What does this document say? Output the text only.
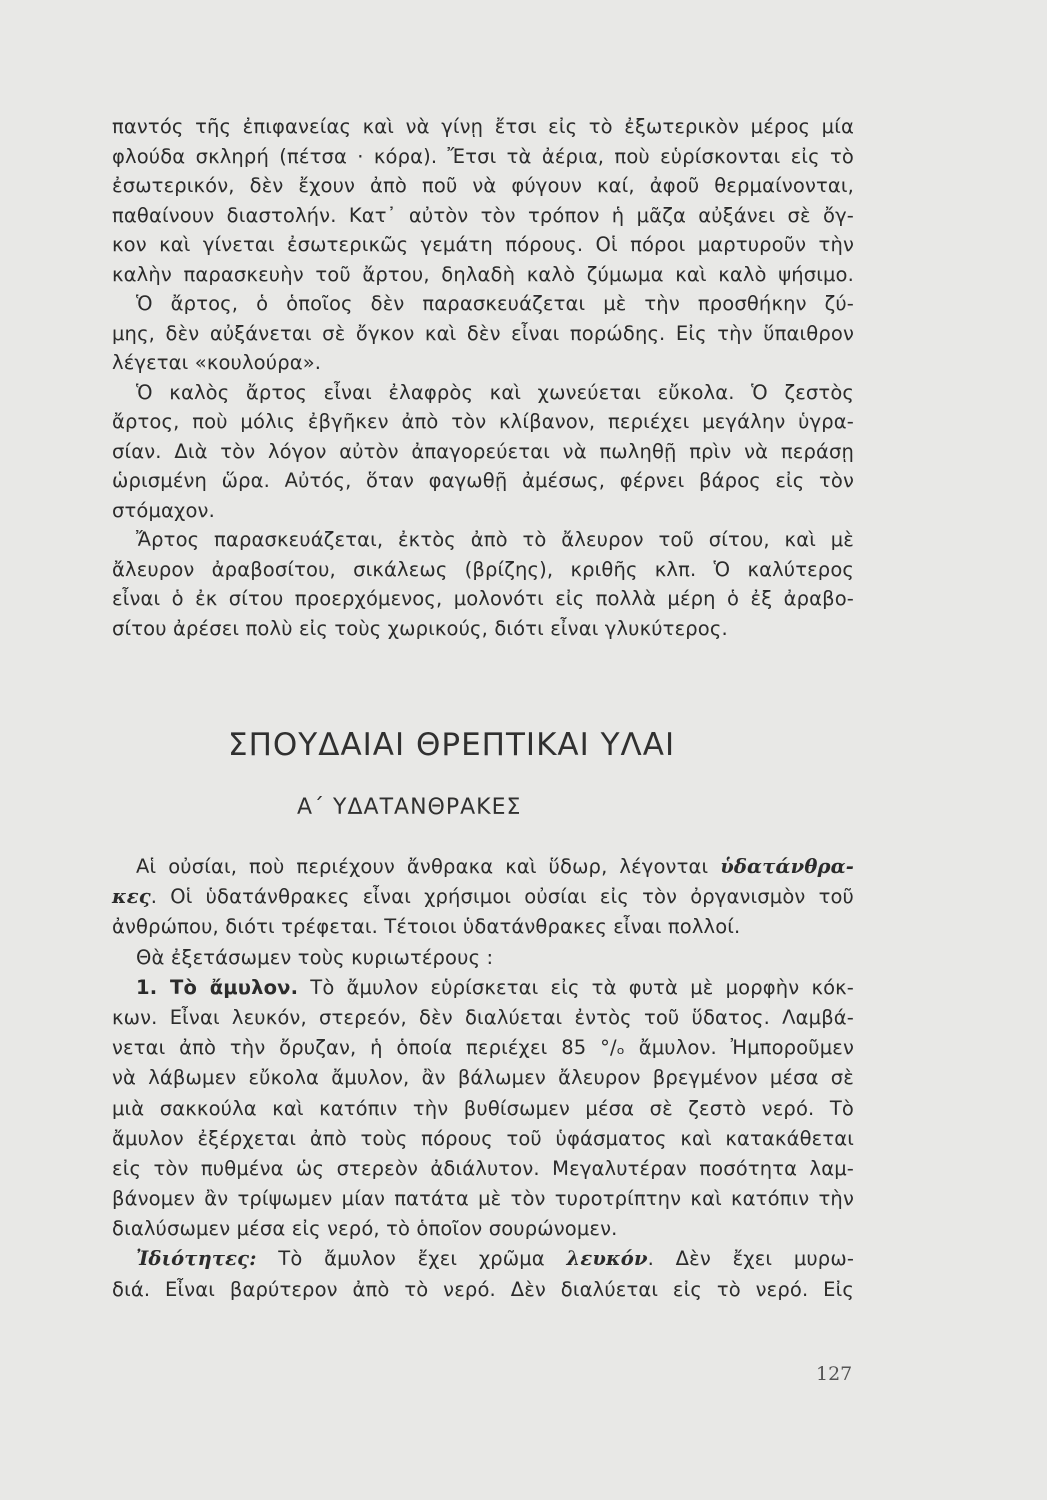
παντός τῆς ἐπιφανείας καὶ νὰ γίνῃ ἔτσι εἰς τὸ ἐξωτερικὸν μέρος μία
φλούδα σκληρή (πέτσα · κόρα). Ἔτσι τὰ ἀέρια, ποὺ εὑρίσκονται εἰς τὸ
ἐσωτερικόν, δὲν ἔχουν ἀπὸ ποῦ νὰ φύγουν καί, ἀφοῦ θερμαίνονται,
παθαίνουν διαστολήν. Κατ᾽ αὐτὸν τὸν τρόπον ἡ μᾶζα αὐξάνει σὲ ὄγ-
κον καὶ γίνεται ἐσωτερικῶς γεμάτη πόρους. Οἱ πόροι μαρτυροῦν τὴν
καλὴν παρασκευὴν τοῦ ἄρτου, δηλαδὴ καλὸ ζύμωμα καὶ καλὸ ψήσιμο.
Ὁ ἄρτος, ὁ ὁποῖος δὲν παρασκευάζεται μὲ τὴν προσθήκην ζύ-
μης, δὲν αὐξάνεται σὲ ὄγκον καὶ δὲν εἶναι πορώδης. Εἰς τὴν ὕπαιθρον
λέγεται «κουλούρα».
Ὁ καλὸς ἄρτος εἶναι ἐλαφρὸς καὶ χωνεύεται εὔκολα. Ὁ ζεστὸς
ἄρτος, ποὺ μόλις ἐβγῆκεν ἀπὸ τὸν κλίβανον, περιέχει μεγάλην ὑγρα-
σίαν. Διὰ τὸν λόγον αὐτὸν ἀπαγορεύεται νὰ πωληθῇ πρὶν νὰ περάσῃ
ὡρισμένη ὥρα. Αὐτός, ὅταν φαγωθῇ ἀμέσως, φέρνει βάρος εἰς τὸν
στόμαχον.
Ἄρτος παρασκευάζεται, ἐκτὸς ἀπὸ τὸ ἄλευρον τοῦ σίτου, καὶ μὲ
ἄλευρον ἀραβοσίτου, σικάλεως (βρίζης), κριθῆς κλπ. Ὁ καλύτερος
εἶναι ὁ ἐκ σίτου προερχόμενος, μολονότι εἰς πολλὰ μέρη ὁ ἐξ ἀραβο-
σίτου ἀρέσει πολὺ εἰς τοὺς χωρικούς, διότι εἶναι γλυκύτερος.
ΣΠΟΥΔΑΙΑΙ ΘΡΕΠΤΙΚΑΙ ΥΛΑΙ
Α΄ ΥΔΑΤΑΝΘΡΑΚΕΣ
Αἱ οὐσίαι, ποὺ περιέχουν ἄνθρακα καὶ ὕδωρ, λέγονται ὑδατάνθρα-
κες. Οἱ ὑδατάνθρακες εἶναι χρήσιμοι οὐσίαι εἰς τὸν ὀργανισμὸν τοῦ
ἀνθρώπου, διότι τρέφεται. Τέτοιοι ὑδατάνθρακες εἶναι πολλοί.
Θὰ ἐξετάσωμεν τοὺς κυριωτέρους :
1. Τὸ ἄμυλον. Τὸ ἄμυλον εὑρίσκεται εἰς τὰ φυτὰ μὲ μορφὴν κόκ-
κων. Εἶναι λευκόν, στερεόν, δὲν διαλύεται ἐντὸς τοῦ ὕδατος. Λαμβά-
νεται ἀπὸ τὴν ὄρυζαν, ἡ ὁποία περιέχει 85 °/ₒ ἄμυλον. Ἠμποροῦμεν
νὰ λάβωμεν εὔκολα ἄμυλον, ἂν βάλωμεν ἄλευρον βρεγμένον μέσα σὲ
μιὰ σακκούλα καὶ κατόπιν τὴν βυθίσωμεν μέσα σὲ ζεστὸ νερό. Τὸ
ἄμυλον ἐξέρχεται ἀπὸ τοὺς πόρους τοῦ ὑφάσματος καὶ κατακάθεται
εἰς τὸν πυθμένα ὡς στερεὸν ἀδιάλυτον. Μεγαλυτέραν ποσότητα λαμ-
βάνομεν ἂν τρίψωμεν μίαν πατάτα μὲ τὸν τυροτρίπτην καὶ κατόπιν τὴν
διαλύσωμεν μέσα εἰς νερό, τὸ ὁποῖον σουρώνομεν.
Ἰδιότητες: Τὸ ἄμυλον ἔχει χρῶμα λευκόν. Δὲν ἔχει μυρω-
διά. Εἶναι βαρύτερον ἀπὸ τὸ νερό. Δὲν διαλύεται εἰς τὸ νερό. Εἰς
127
